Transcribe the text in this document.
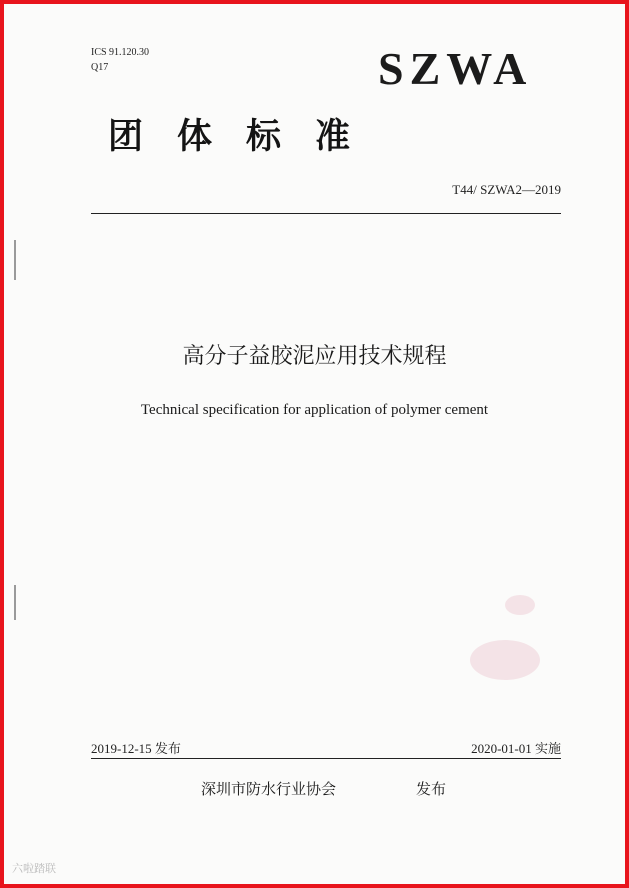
ICS 91.120.30
Q17	SZWA
团体标准
T44/ SZWA2—2019
高分子益胶泥应用技术规程
Technical specification for application of polymer cement
2019-12-15 发布	2020-01-01 实施
深圳市防水行业协会	发布
六啦踏联
